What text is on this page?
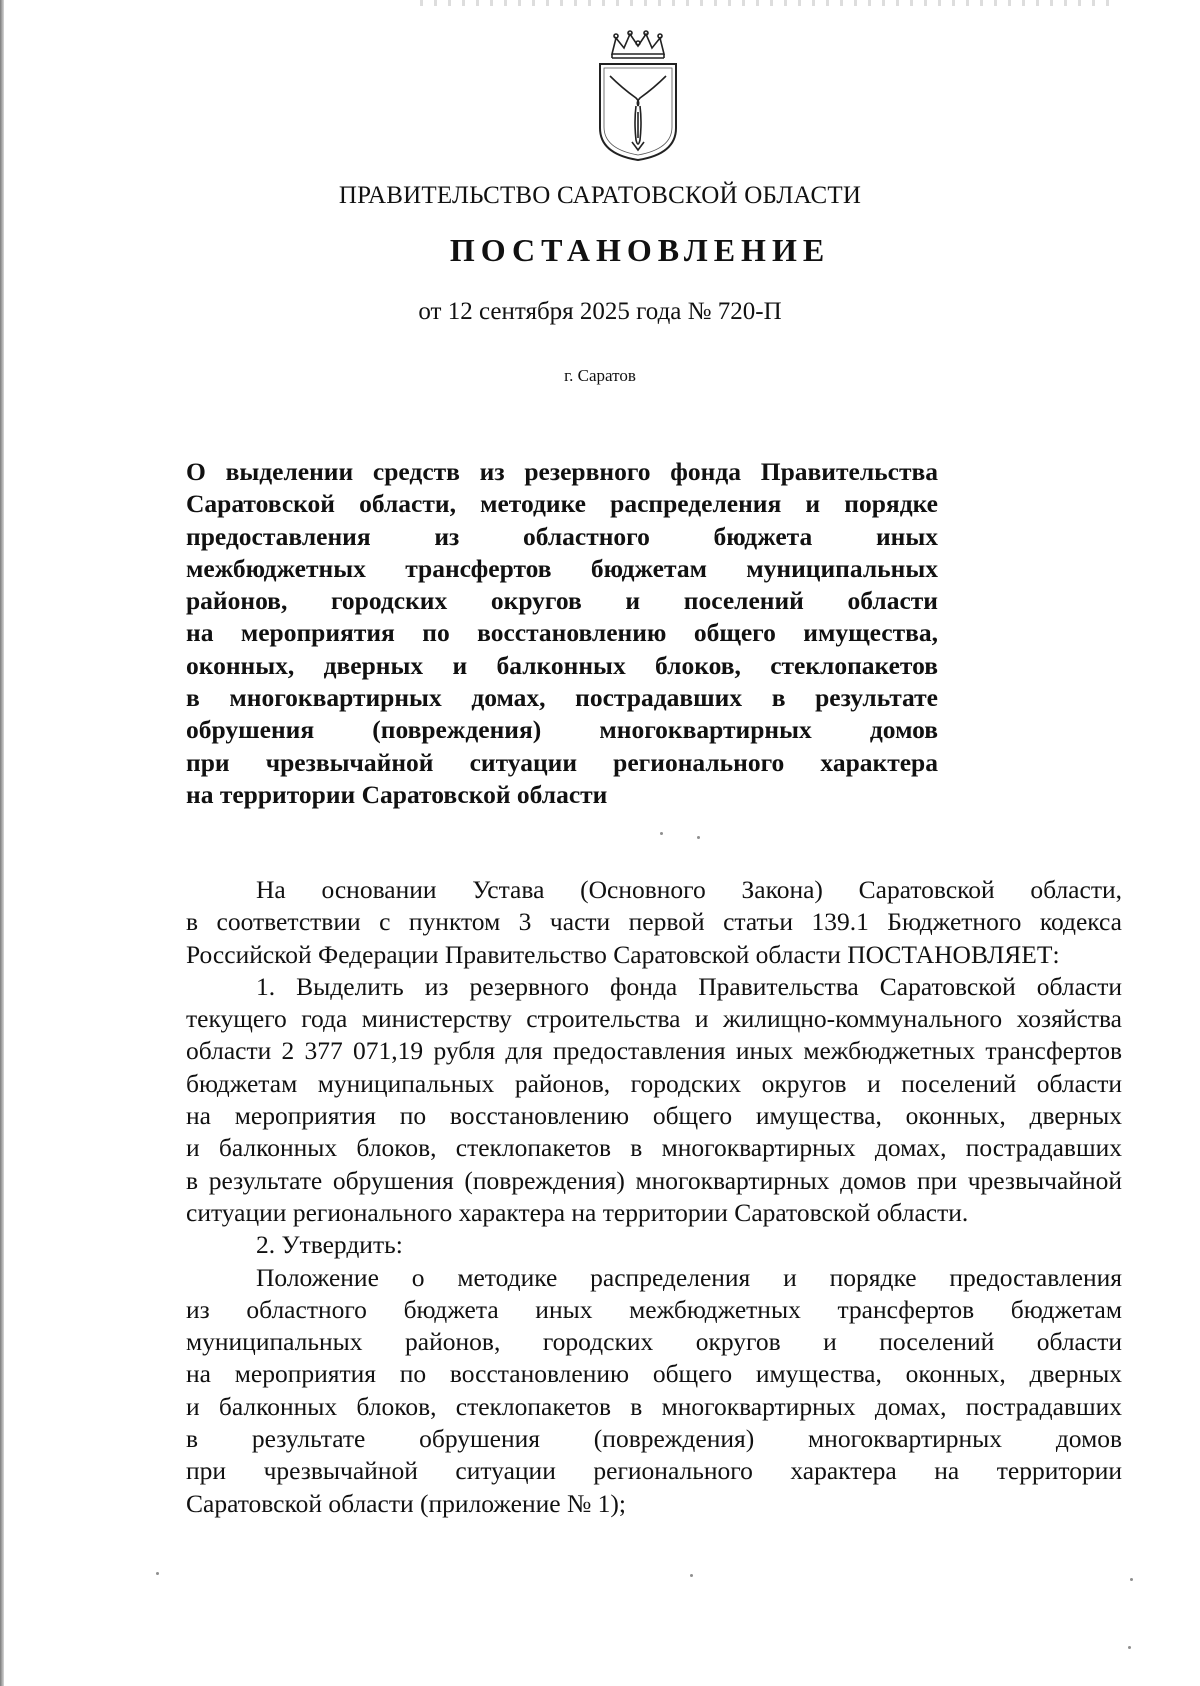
ПРАВИТЕЛЬСТВО САРАТОВСКОЙ ОБЛАСТИ
ПОСТАНОВЛЕНИЕ
от 12 сентября 2025 года № 720-П
г. Саратов
О выделении средств из резервного фонда Правительства
Саратовской области, методике распределения и порядке
предоставления из областного бюджета иных
межбюджетных трансфертов бюджетам муниципальных
районов, городских округов и поселений области
на мероприятия по восстановлению общего имущества,
оконных, дверных и балконных блоков, стеклопакетов
в многоквартирных домах, пострадавших в результате
обрушения (повреждения) многоквартирных домов
при чрезвычайной ситуации регионального характера
на территории Саратовской области
На основании Устава (Основного Закона) Саратовской области,
в соответствии с пунктом 3 части первой статьи 139.1 Бюджетного кодекса
Российской Федерации Правительство Саратовской области ПОСТАНОВЛЯЕТ:
1. Выделить из резервного фонда Правительства Саратовской области
текущего года министерству строительства и жилищно-коммунального хозяйства
области 2 377 071,19 рубля для предоставления иных межбюджетных трансфертов
бюджетам муниципальных районов, городских округов и поселений области
на мероприятия по восстановлению общего имущества, оконных, дверных
и балконных блоков, стеклопакетов в многоквартирных домах, пострадавших
в результате обрушения (повреждения) многоквартирных домов при чрезвычайной
ситуации регионального характера на территории Саратовской области.
2. Утвердить:
Положение о методике распределения и порядке предоставления
из областного бюджета иных межбюджетных трансфертов бюджетам
муниципальных районов, городских округов и поселений области
на мероприятия по восстановлению общего имущества, оконных, дверных
и балконных блоков, стеклопакетов в многоквартирных домах, пострадавших
в результате обрушения (повреждения) многоквартирных домов
при чрезвычайной ситуации регионального характера на территории
Саратовской области (приложение № 1);
